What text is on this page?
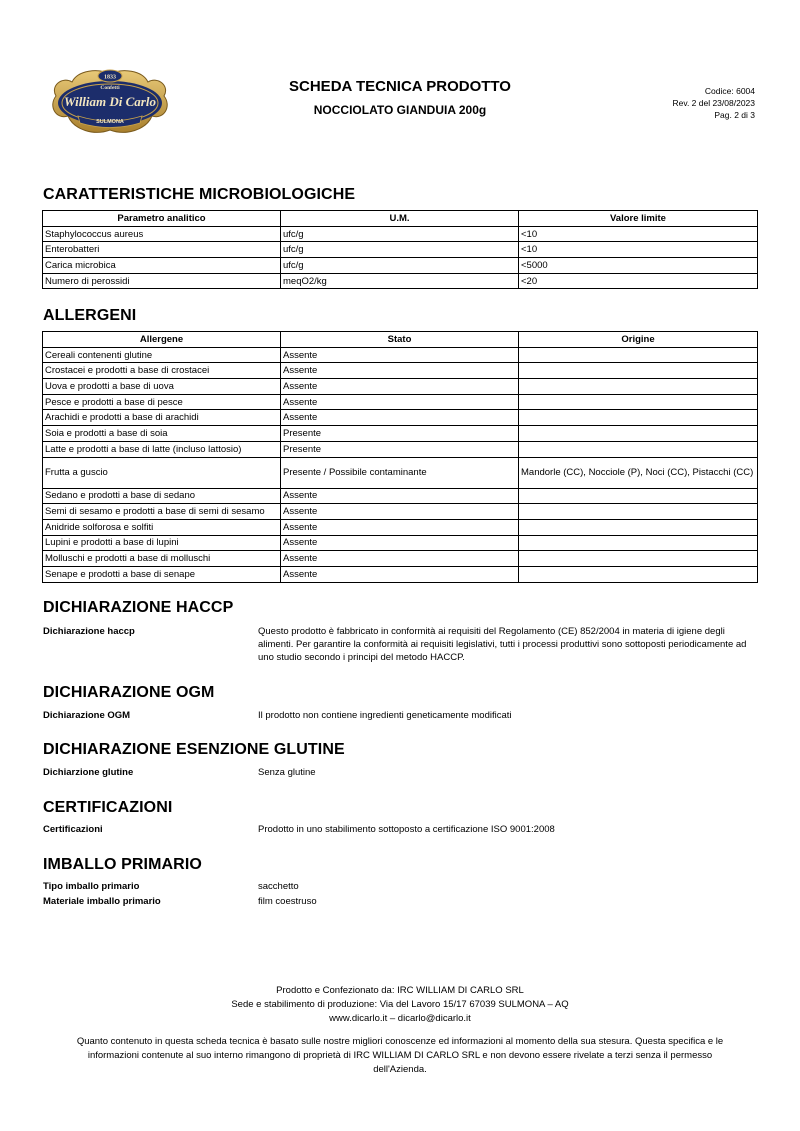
1833
Confetti
William Di Carlo
SULMONA
SCHEDA TECNICA PRODOTTO
NOCCIOLATO GIANDUIA 200g
Codice: 6004
Rev. 2 del 23/08/2023
Pag. 2 di 3
CARATTERISTICHE MICROBIOLOGICHE
Parametro analitico	U.M.	Valore limite
Staphylococcus aureus	ufc/g	<10
Enterobatteri	ufc/g	<10
Carica microbica	ufc/g	<5000
Numero di perossidi	meqO2/kg	<20
ALLERGENI
Allergene	Stato	Origine
Cereali contenenti glutine	Assente	
Crostacei e prodotti a base di crostacei	Assente	
Uova e prodotti a base di uova	Assente	
Pesce e prodotti a base di pesce	Assente	
Arachidi e prodotti a base di arachidi	Assente	
Soia e prodotti a base di soia	Presente	
Latte e prodotti a base di latte (incluso lattosio)	Presente	
Frutta a guscio	Presente / Possibile contaminante	Mandorle (CC), Nocciole (P), Noci (CC), Pistacchi (CC)
Sedano e prodotti a base di sedano	Assente	
Semi di sesamo e prodotti a base di semi di sesamo	Assente	
Anidride solforosa e solfiti	Assente	
Lupini e prodotti a base di lupini	Assente	
Molluschi e prodotti a base di molluschi	Assente	
Senape e prodotti a base di senape	Assente	
DICHIARAZIONE HACCP
Dichiarazione haccp	Questo prodotto è fabbricato in conformità ai requisiti del Regolamento (CE) 852/2004 in materia di igiene degli alimenti. Per garantire la conformità ai requisiti legislativi, tutti i processi produttivi sono sottoposti periodicamente ad uno studio secondo i principi del metodo HACCP.
DICHIARAZIONE OGM
Dichiarazione OGM	Il prodotto non contiene ingredienti geneticamente modificati
DICHIARAZIONE ESENZIONE GLUTINE
Dichiarzione glutine	Senza glutine
CERTIFICAZIONI
Certificazioni	Prodotto in uno stabilimento sottoposto a certificazione ISO 9001:2008
IMBALLO PRIMARIO
Tipo imballo primario	sacchetto
Materiale imballo primario	film coestruso
Prodotto e Confezionato da: IRC WILLIAM DI CARLO SRL
Sede e stabilimento di produzione: Via del Lavoro 15/17 67039 SULMONA – AQ
www.dicarlo.it – dicarlo@dicarlo.it
Quanto contenuto in questa scheda tecnica è basato sulle nostre migliori conoscenze ed informazioni al momento della sua stesura. Questa specifica e le informazioni contenute al suo interno rimangono di proprietà di IRC WILLIAM DI CARLO SRL e non devono essere rivelate a terzi senza il permesso dell'Azienda.
